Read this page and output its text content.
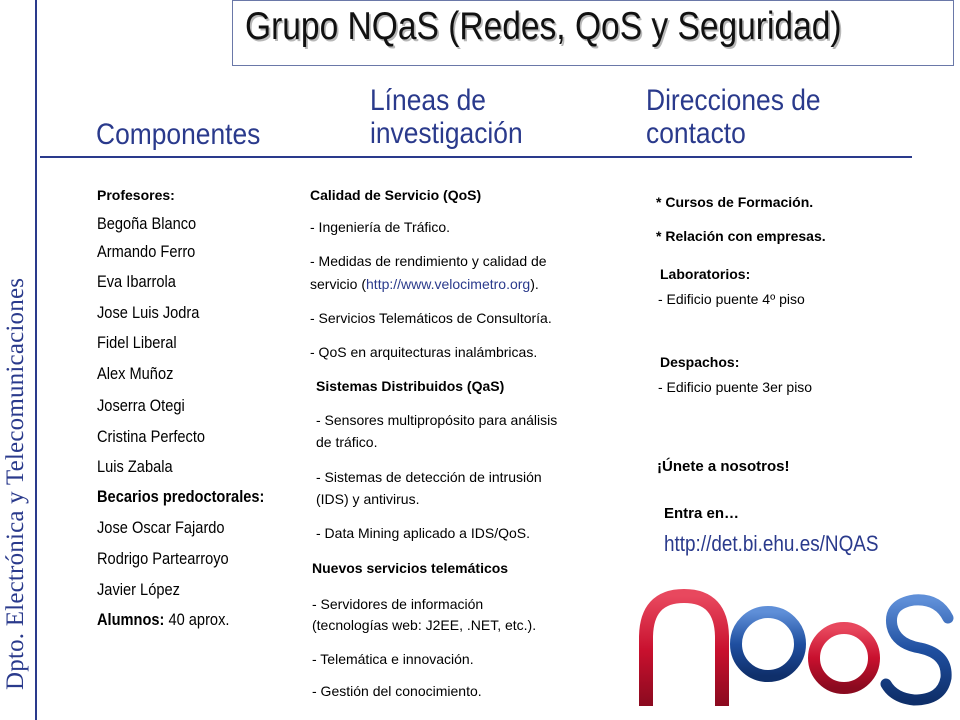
Dpto. Electrónica y Telecomunicaciones
Grupo NQaS (Redes, QoS y Seguridad)
Componentes
Líneas de
investigación
Direcciones de
contacto
Profesores:
Begoña Blanco
Armando Ferro
Eva Ibarrola
Jose Luis Jodra
Fidel Liberal
Alex Muñoz
Joserra Otegi
Cristina Perfecto
Luis Zabala
Becarios predoctorales:
Jose Oscar Fajardo
Rodrigo Partearroyo
Javier López
Alumnos: 40 aprox.
Calidad de Servicio (QoS)
- Ingeniería de Tráfico.
- Medidas de rendimiento y calidad de
servicio (http://www.velocimetro.org).
- Servicios Telemáticos de Consultoría.
- QoS en arquitecturas inalámbricas.
Sistemas Distribuidos (QaS)
- Sensores multipropósito para análisis
de tráfico.
- Sistemas de detección de intrusión
(IDS) y antivirus.
- Data Mining aplicado a IDS/QoS.
Nuevos servicios telemáticos
- Servidores de información
(tecnologías web: J2EE, .NET, etc.).
- Telemática e innovación.
- Gestión del conocimiento.
* Cursos de Formación.
* Relación con empresas.
Laboratorios:
- Edificio puente 4º piso
Despachos:
- Edificio puente 3er piso
¡Únete a nosotros!
Entra en…
http://det.bi.ehu.es/NQAS
